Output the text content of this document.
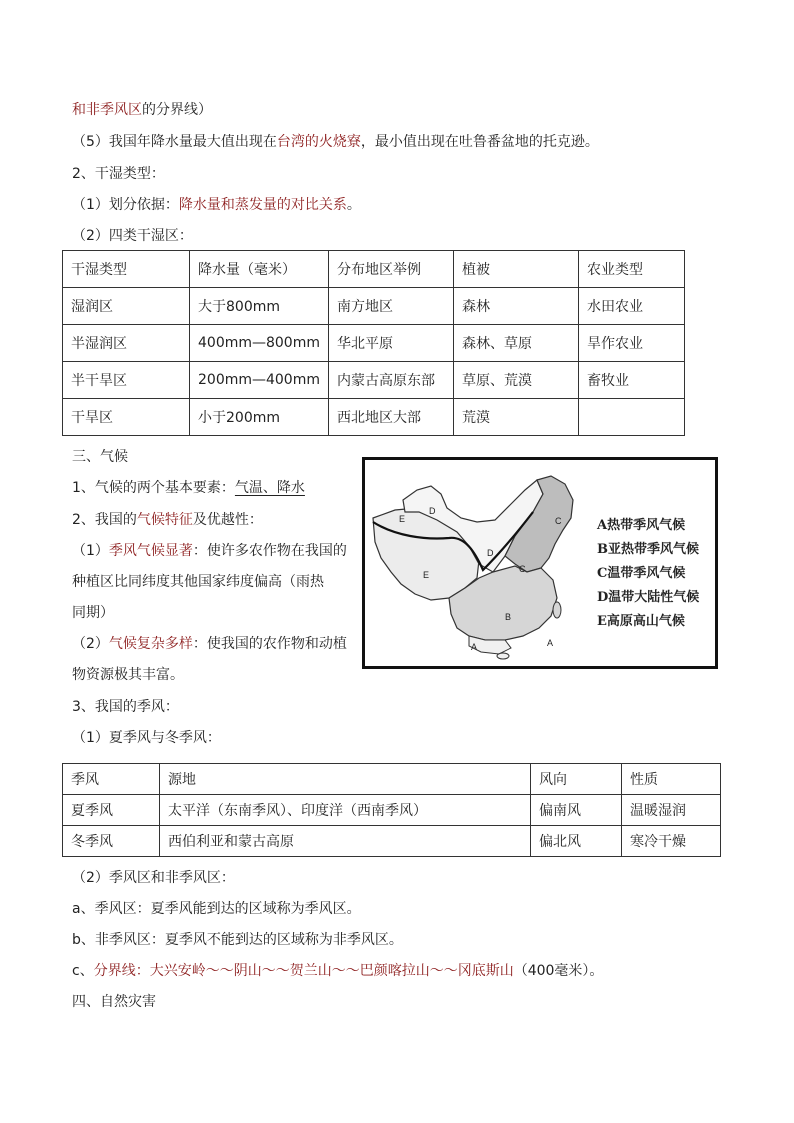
和非季风区的分界线）
（5）我国年降水量最大值出现在台湾的火烧寮，最小值出现在吐鲁番盆地的托克逊。
2、干湿类型：
（1）划分依据：降水量和蒸发量的对比关系。
（2）四类干湿区：
干湿类型	降水量（毫米）	分布地区举例	植被	农业类型
湿润区	大于800mm	南方地区	森林	水田农业
半湿润区	400mm—800mm	华北平原	森林、草原	旱作农业
半干旱区	200mm—400mm	内蒙古高原东部	草原、荒漠	畜牧业
干旱区	小于200mm	西北地区大部	荒漠	
三、气候
1、气候的两个基本要素：气温、降水
2、我国的气候特征及优越性：
（1）季风气候显著：使许多农作物在我国的
种植区比同纬度其他国家纬度偏高（雨热
同期）
（2）气候复杂多样：使我国的农作物和动植
物资源极其丰富。
A
B
C
C
D
D
E
E
A
A热带季风气候
B亚热带季风气候
C温带季风气候
D温带大陆性气候
E高原高山气候
3、我国的季风：
（1）夏季风与冬季风：
季风	源地	风向	性质
夏季风	太平洋（东南季风）、印度洋（西南季风）	偏南风	温暖湿润
冬季风	西伯利亚和蒙古高原	偏北风	寒冷干燥
（2）季风区和非季风区：
a、季风区：夏季风能到达的区域称为季风区。
b、非季风区：夏季风不能到达的区域称为非季风区。
c、分界线：大兴安岭～～阴山～～贺兰山～～巴颜喀拉山～～冈底斯山（400毫米）。
四、自然灾害
